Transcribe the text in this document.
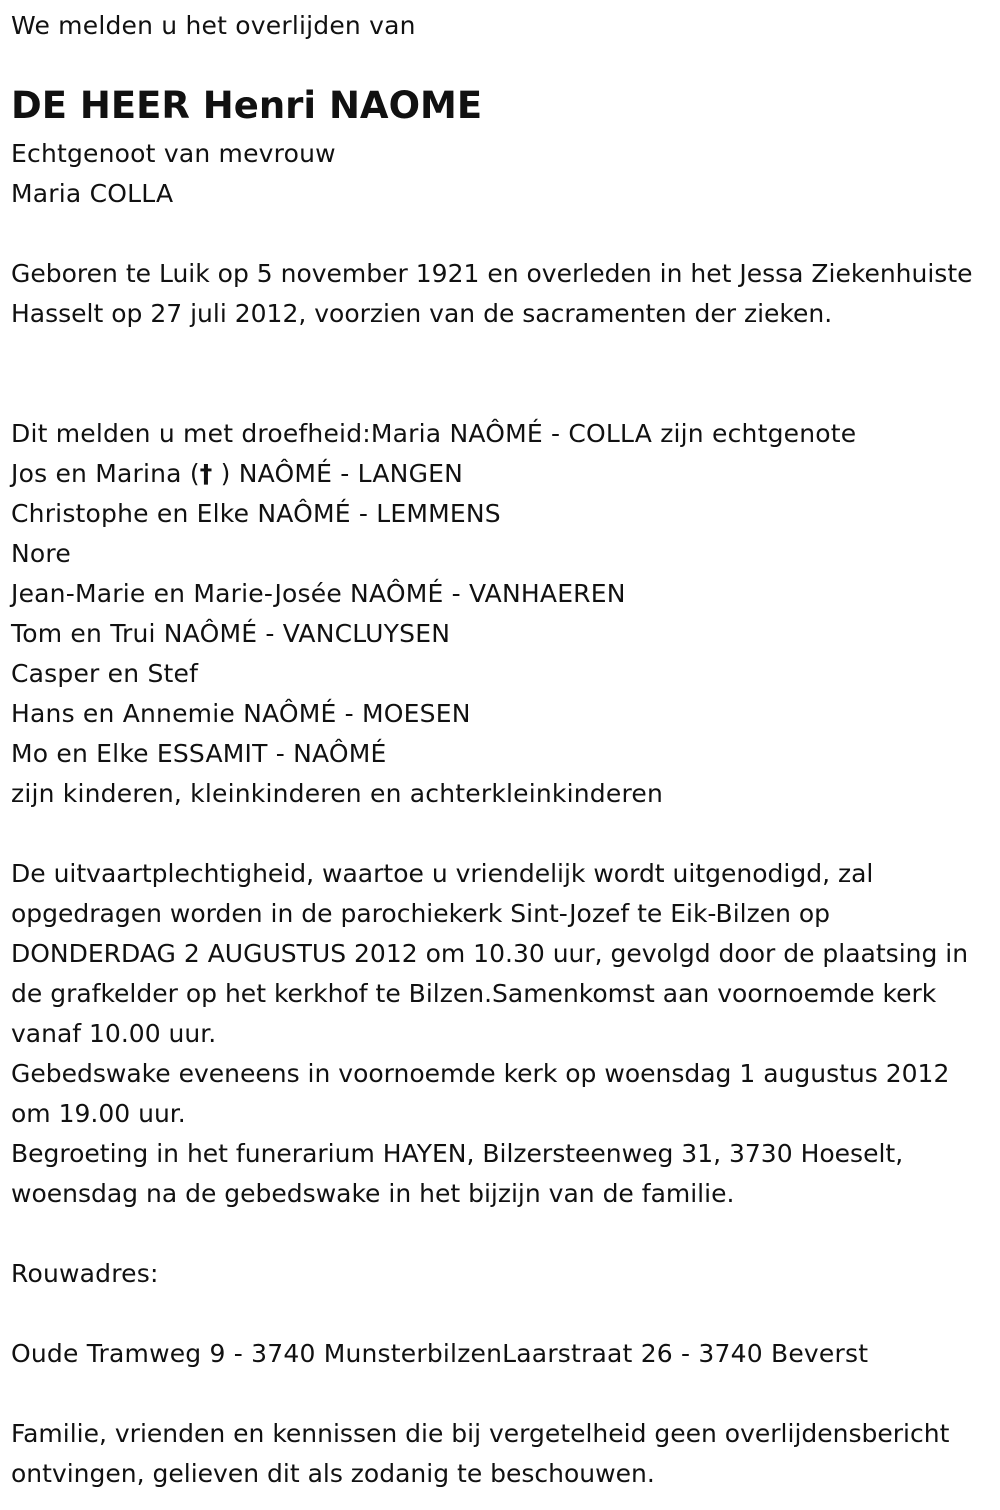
We melden u het overlijden van
DE HEER Henri NAOME
Echtgenoot van mevrouw
Maria COLLA
Geboren te Luik op 5 november 1921 en overleden in het Jessa Ziekenhuiste Hasselt op 27 juli 2012, voorzien van de sacramenten der zieken.
Dit melden u met droefheid:Maria NAÔMÉ - COLLA zijn echtgenote
Jos en Marina († ) NAÔMÉ - LANGEN
Christophe en Elke NAÔMÉ - LEMMENS
Nore
Jean-Marie en Marie-Josée NAÔMÉ - VANHAEREN
Tom en Trui NAÔMÉ - VANCLUYSEN
Casper en Stef
Hans en Annemie NAÔMÉ - MOESEN
Mo en Elke ESSAMIT - NAÔMÉ
zijn kinderen, kleinkinderen en achterkleinkinderen
De uitvaartplechtigheid, waartoe u vriendelijk wordt uitgenodigd, zal opgedragen worden in de parochiekerk Sint-Jozef te Eik-Bilzen op DONDERDAG 2 AUGUSTUS 2012 om 10.30 uur, gevolgd door de plaatsing in de grafkelder op het kerkhof te Bilzen.Samenkomst aan voornoemde kerk vanaf 10.00 uur.
Gebedswake eveneens in voornoemde kerk op woensdag 1 augustus 2012 om 19.00 uur.
Begroeting in het funerarium HAYEN, Bilzersteenweg 31, 3730 Hoeselt, woensdag na de gebedswake in het bijzijn van de familie.
Rouwadres:
Oude Tramweg 9 - 3740 MunsterbilzenLaarstraat 26 - 3740 Beverst
Familie, vrienden en kennissen die bij vergetelheid geen overlijdensbericht ontvingen, gelieven dit als zodanig te beschouwen.
